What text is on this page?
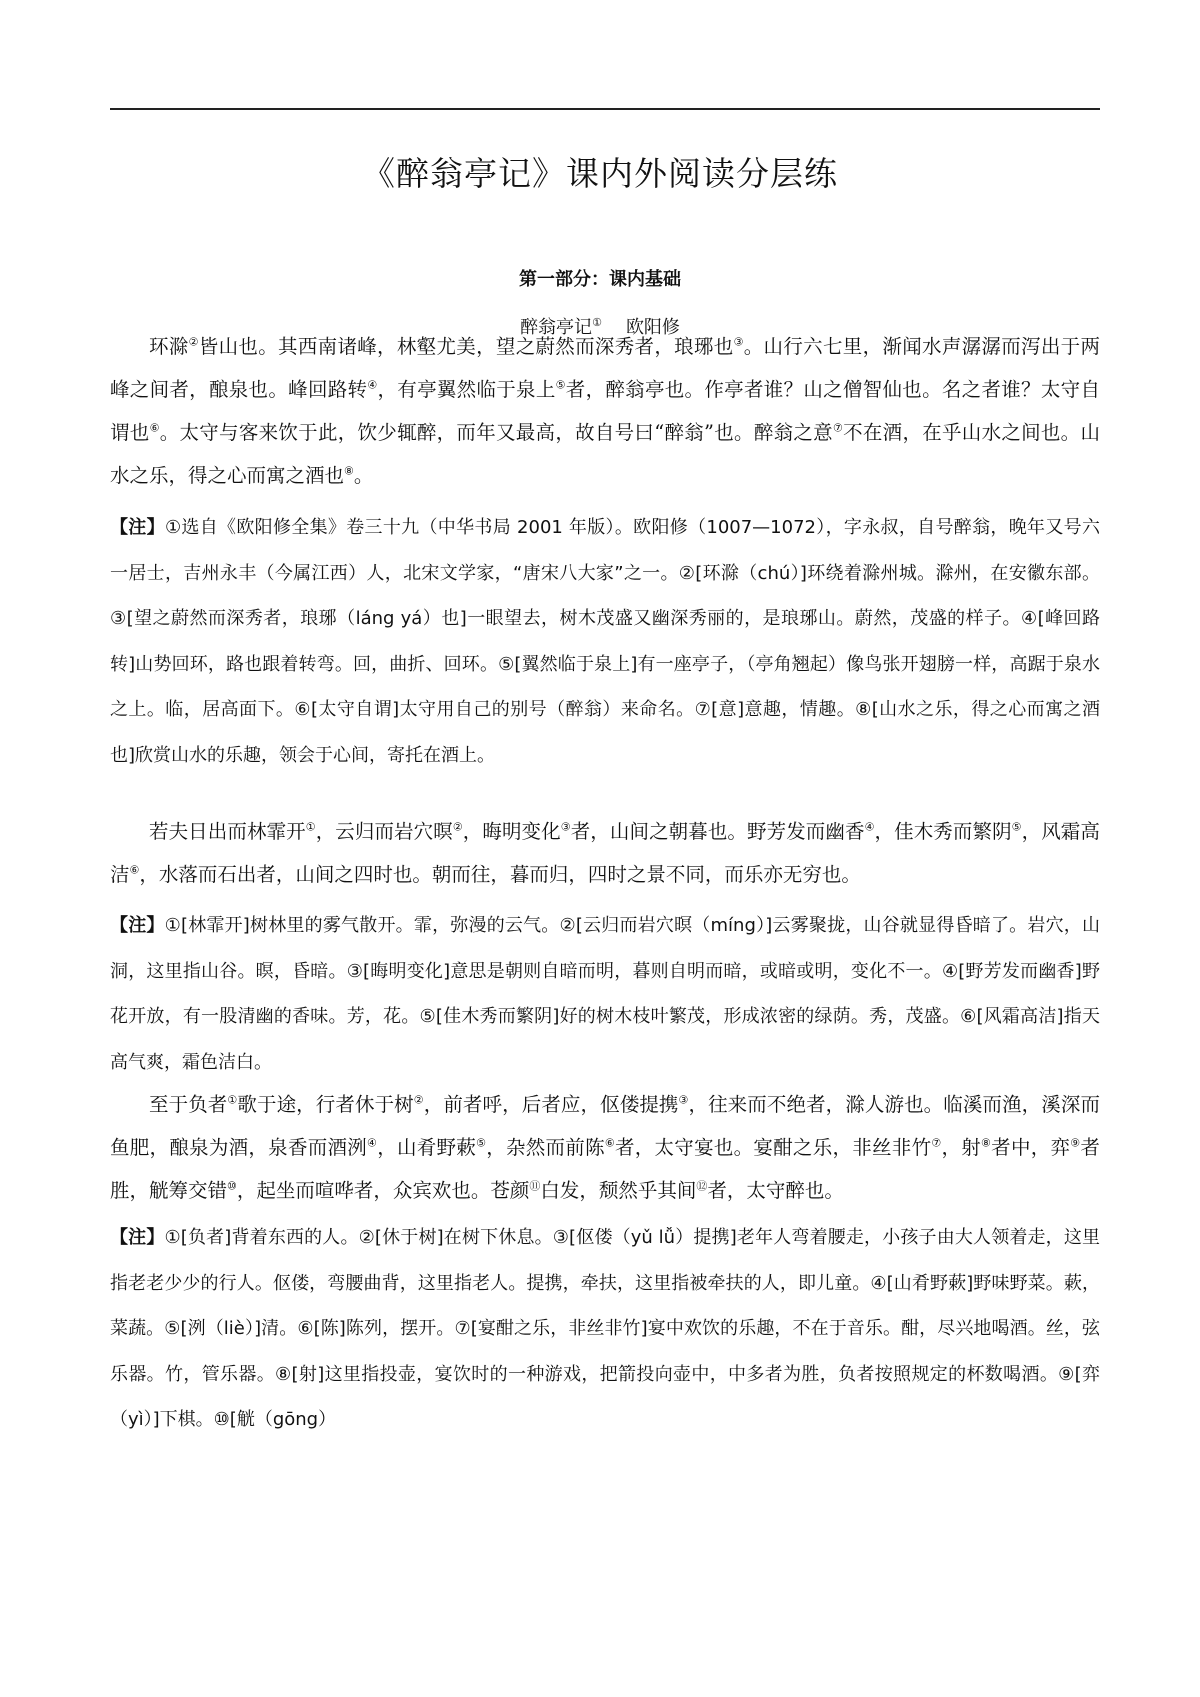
《醉翁亭记》课内外阅读分层练
第一部分：课内基础
醉翁亭记① 欧阳修

环滁②皆山也。其西南诸峰，林壑尤美，望之蔚然而深秀者，琅琊也③。山行六七里，渐闻水声潺潺而泻出于两峰之间者，酿泉也。峰回路转④，有亭翼然临于泉上⑤者，醉翁亭也。作亭者谁？山之僧智仙也。名之者谁？太守自谓也⑥。太守与客来饮于此，饮少辄醉，而年又最高，故自号曰“醉翁”也。醉翁之意⑦不在酒，在乎山水之间也。山水之乐，得之心而寓之酒也⑧。

【注】①选自《欧阳修全集》卷三十九（中华书局 2001 年版）。欧阳修（1007—1072），字永叔，自号醉翁，晚年又号六一居士，吉州永丰（今属江西）人，北宋文学家，“唐宋八大家”之一。②[环滁（chú）]环绕着滁州城。滁州，在安徽东部。③[望之蔚然而深秀者，琅琊（láng yá）也]一眼望去，树木茂盛又幽深秀丽的，是琅琊山。蔚然，茂盛的样子。④[峰回路转]山势回环，路也跟着转弯。回，曲折、回环。⑤[翼然临于泉上]有一座亭子，（亭角翘起）像鸟张开翅膀一样，高踞于泉水之上。临，居高面下。⑥[太守自谓]太守用自己的别号（醉翁）来命名。⑦[意]意趣，情趣。⑧[山水之乐，得之心而寓之酒也]欣赏山水的乐趣，领会于心间，寄托在酒上。

若夫日出而林霏开①，云归而岩穴暝②，晦明变化③者，山间之朝暮也。野芳发而幽香④，佳木秀而繁阴⑤，风霜高洁⑥，水落而石出者，山间之四时也。朝而往，暮而归，四时之景不同，而乐亦无穷也。

【注】①[林霏开]树林里的雾气散开。霏，弥漫的云气。②[云归而岩穴暝（míng）]云雾聚拢，山谷就显得昏暗了。岩穴，山洞，这里指山谷。暝，昏暗。③[晦明变化]意思是朝则自暗而明，暮则自明而暗，或暗或明，变化不一。④[野芳发而幽香]野花开放，有一股清幽的香味。芳，花。⑤[佳木秀而繁阴]好的树木枝叶繁茂，形成浓密的绿荫。秀，茂盛。⑥[风霜高洁]指天高气爽，霜色洁白。

至于负者①歌于途，行者休于树②，前者呼，后者应，伛偻提携③，往来而不绝者，滁人游也。临溪而渔，溪深而鱼肥，酿泉为酒，泉香而酒洌④，山肴野蔌⑤，杂然而前陈⑥者，太守宴也。宴酣之乐，非丝非竹⑦，射⑧者中，弈⑨者胜，觥筹交错⑩，起坐而喧哗者，众宾欢也。苍颜⑪白发，颓然乎其间⑫者，太守醉也。

【注】①[负者]背着东西的人。②[休于树]在树下休息。③[伛偻（yǔ lǚ）提携]老年人弯着腰走，小孩子由大人领着走，这里指老老少少的行人。伛偻，弯腰曲背，这里指老人。提携，牵扶，这里指被牵扶的人，即儿童。④[山肴野蔌]野味野菜。蔌，菜蔬。⑤[洌（liè）]清。⑥[陈]陈列，摆开。⑦[宴酣之乐，非丝非竹]宴中欢饮的乐趣，不在于音乐。酣，尽兴地喝酒。丝，弦乐器。竹，管乐器。⑧[射]这里指投壶，宴饮时的一种游戏，把箭投向壶中，中多者为胜，负者按照规定的杯数喝酒。⑨[弈（yì）]下棋。⑩[觥（gōng）
